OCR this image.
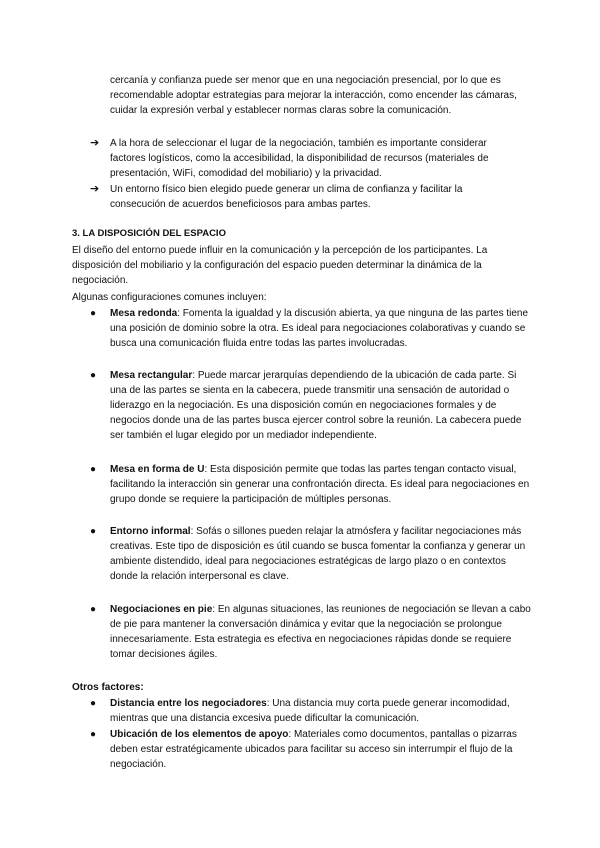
cercanía y confianza puede ser menor que en una negociación presencial, por lo que es recomendable adoptar estrategias para mejorar la interacción, como encender las cámaras, cuidar la expresión verbal y establecer normas claras sobre la comunicación.

➔	A la hora de seleccionar el lugar de la negociación, también es importante considerar factores logísticos, como la accesibilidad, la disponibilidad de recursos (materiales de presentación, WiFi, comodidad del mobiliario) y la privacidad.
➔	Un entorno físico bien elegido puede generar un clima de confianza y facilitar la consecución de acuerdos beneficiosos para ambas partes.

3. LA DISPOSICIÓN DEL ESPACIO

El diseño del entorno puede influir en la comunicación y la percepción de los participantes. La disposición del mobiliario y la configuración del espacio pueden determinar la dinámica de la negociación.

Algunas configuraciones comunes incluyen:

●	Mesa redonda: Fomenta la igualdad y la discusión abierta, ya que ninguna de las partes tiene una posición de dominio sobre la otra. Es ideal para negociaciones colaborativas y cuando se busca una comunicación fluida entre todas las partes involucradas.
●	Mesa rectangular: Puede marcar jerarquías dependiendo de la ubicación de cada parte. Si una de las partes se sienta en la cabecera, puede transmitir una sensación de autoridad o liderazgo en la negociación. Es una disposición común en negociaciones formales y de negocios donde una de las partes busca ejercer control sobre la reunión. La cabecera puede ser también el lugar elegido por un mediador independiente.
●	Mesa en forma de U: Esta disposición permite que todas las partes tengan contacto visual, facilitando la interacción sin generar una confrontación directa. Es ideal para negociaciones en grupo donde se requiere la participación de múltiples personas.
●	Entorno informal: Sofás o sillones pueden relajar la atmósfera y facilitar negociaciones más creativas. Este tipo de disposición es útil cuando se busca fomentar la confianza y generar un ambiente distendido, ideal para negociaciones estratégicas de largo plazo o en contextos donde la relación interpersonal es clave.
●	Negociaciones en pie: En algunas situaciones, las reuniones de negociación se llevan a cabo de pie para mantener la conversación dinámica y evitar que la negociación se prolongue innecesariamente. Esta estrategia es efectiva en negociaciones rápidas donde se requiere tomar decisiones ágiles.

Otros factores:

●	Distancia entre los negociadores: Una distancia muy corta puede generar incomodidad, mientras que una distancia excesiva puede dificultar la comunicación.
●	Ubicación de los elementos de apoyo: Materiales como documentos, pantallas o pizarras deben estar estratégicamente ubicados para facilitar su acceso sin interrumpir el flujo de la negociación.
